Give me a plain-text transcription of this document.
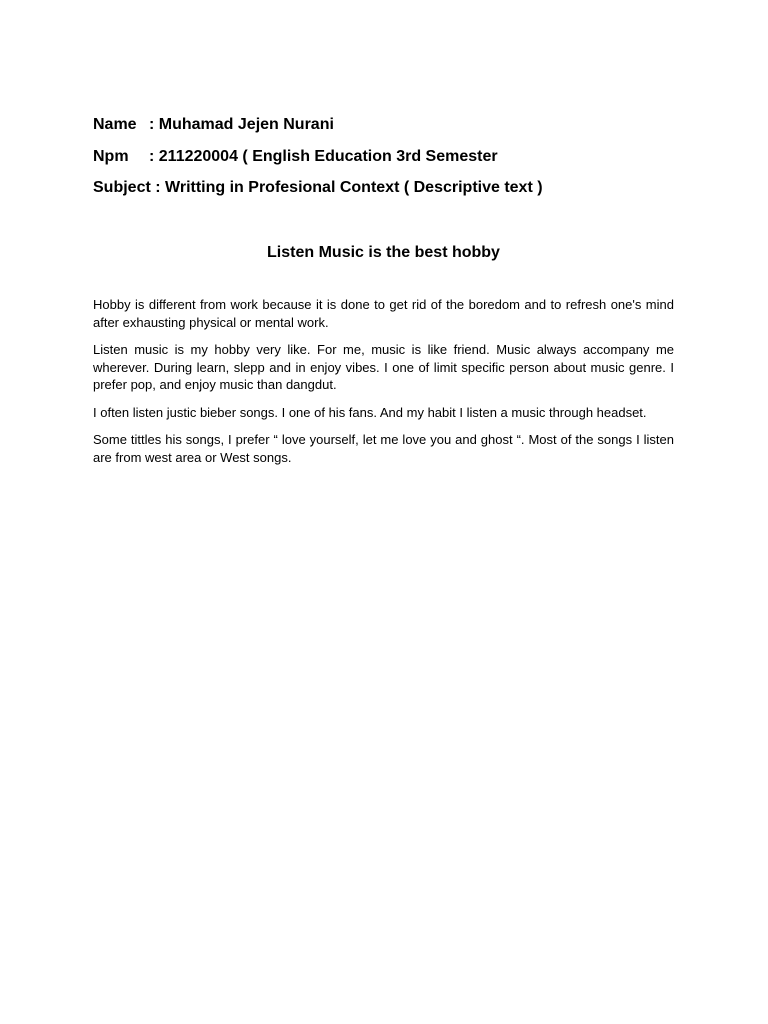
Name : Muhamad Jejen Nurani
Npm : 211220004 ( English Education 3rd Semester
Subject : Writting in Profesional Context ( Descriptive text )
Listen Music is the best hobby

Hobby is different from work because it is done to get rid of the boredom and to refresh one's mind after exhausting physical or mental work.

Listen music is my hobby very like. For me, music is like friend. Music always accompany me wherever. During learn, slepp and in enjoy vibes. I one of limit specific person about music genre. I prefer pop, and enjoy music than dangdut.

I often listen justic bieber songs. I one of his fans. And my habit I listen a music through headset.

Some tittles his songs, I prefer “ love yourself, let me love you and ghost “. Most of the songs I listen are from west area or West songs.
